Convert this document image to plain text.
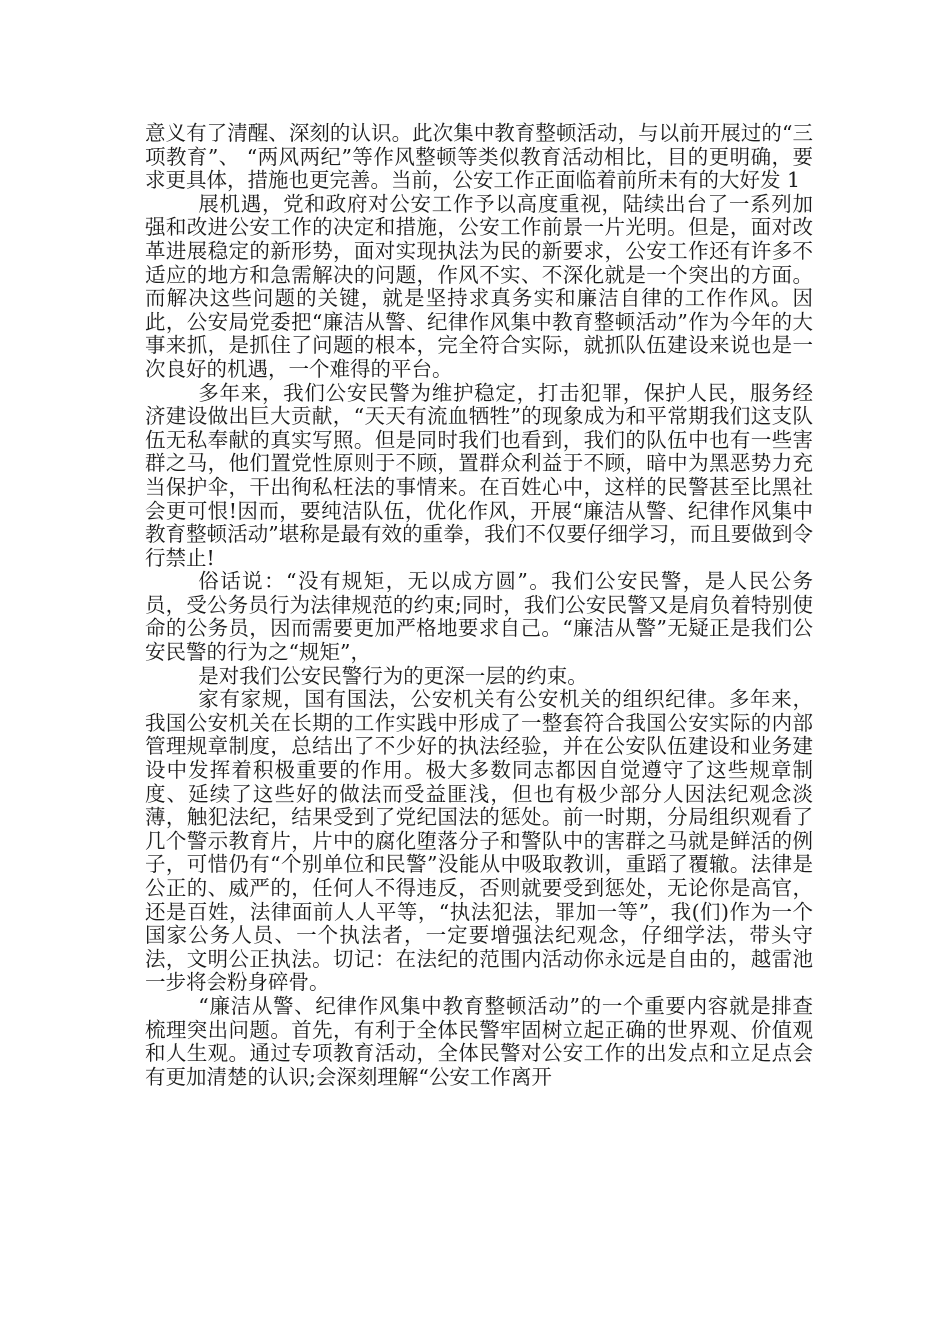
意义有了清醒、深刻的认识。此次集中教育整顿活动，与以前开展过的“三项教育”、 “两风两纪”等作风整顿等类似教育活动相比，目的更明确，要求更具体，措施也更完善。当前，公安工作正面临着前所未有的大好发 1

展机遇，党和政府对公安工作予以高度重视，陆续出台了一系列加强和改进公安工作的决定和措施，公安工作前景一片光明。但是，面对改革进展稳定的新形势，面对实现执法为民的新要求，公安工作还有许多不适应的地方和急需解决的问题，作风不实、不深化就是一个突出的方面。而解决这些问题的关键，就是坚持求真务实和廉洁自律的工作作风。因此，公安局党委把“廉洁从警、纪律作风集中教育整顿活动”作为今年的大事来抓，是抓住了问题的根本，完全符合实际，就抓队伍建设来说也是一次良好的机遇，一个难得的平台。

多年来，我们公安民警为维护稳定，打击犯罪，保护人民，服务经济建设做出巨大贡献，“天天有流血牺牲”的现象成为和平常期我们这支队伍无私奉献的真实写照。但是同时我们也看到，我们的队伍中也有一些害群之马，他们置党性原则于不顾，置群众利益于不顾，暗中为黑恶势力充当保护伞，干出徇私枉法的事情来。在百姓心中，这样的民警甚至比黑社会更可恨!因而，要纯洁队伍，优化作风，开展“廉洁从警、纪律作风集中教育整顿活动”堪称是最有效的重拳，我们不仅要仔细学习，而且要做到令行禁止!

俗话说：“没有规矩，无以成方圆”。我们公安民警，是人民公务员，受公务员行为法律规范的约束;同时，我们公安民警又是肩负着特别使命的公务员，因而需要更加严格地要求自己。“廉洁从警”无疑正是我们公安民警的行为之“规矩”，

是对我们公安民警行为的更深一层的约束。

家有家规，国有国法，公安机关有公安机关的组织纪律。多年来，我国公安机关在长期的工作实践中形成了一整套符合我国公安实际的内部管理规章制度，总结出了不少好的执法经验，并在公安队伍建设和业务建设中发挥着积极重要的作用。极大多数同志都因自觉遵守了这些规章制度、延续了这些好的做法而受益匪浅，但也有极少部分人因法纪观念淡薄，触犯法纪，结果受到了党纪国法的惩处。前一时期，分局组织观看了几个警示教育片，片中的腐化堕落分子和警队中的害群之马就是鲜活的例子，可惜仍有“个别单位和民警”没能从中吸取教训，重蹈了覆辙。法律是公正的、威严的，任何人不得违反，否则就要受到惩处，无论你是高官，还是百姓，法律面前人人平等，“执法犯法，罪加一等”，我(们)作为一个国家公务人员、一个执法者，一定要增强法纪观念，仔细学法，带头守法，文明公正执法。切记：在法纪的范围内活动你永远是自由的，越雷池一步将会粉身碎骨。

“廉洁从警、纪律作风集中教育整顿活动”的一个重要内容就是排查梳理突出问题。首先，有利于全体民警牢固树立起正确的世界观、价值观和人生观。通过专项教育活动，全体民警对公安工作的出发点和立足点会有更加清楚的认识;会深刻理解“公安工作离开
